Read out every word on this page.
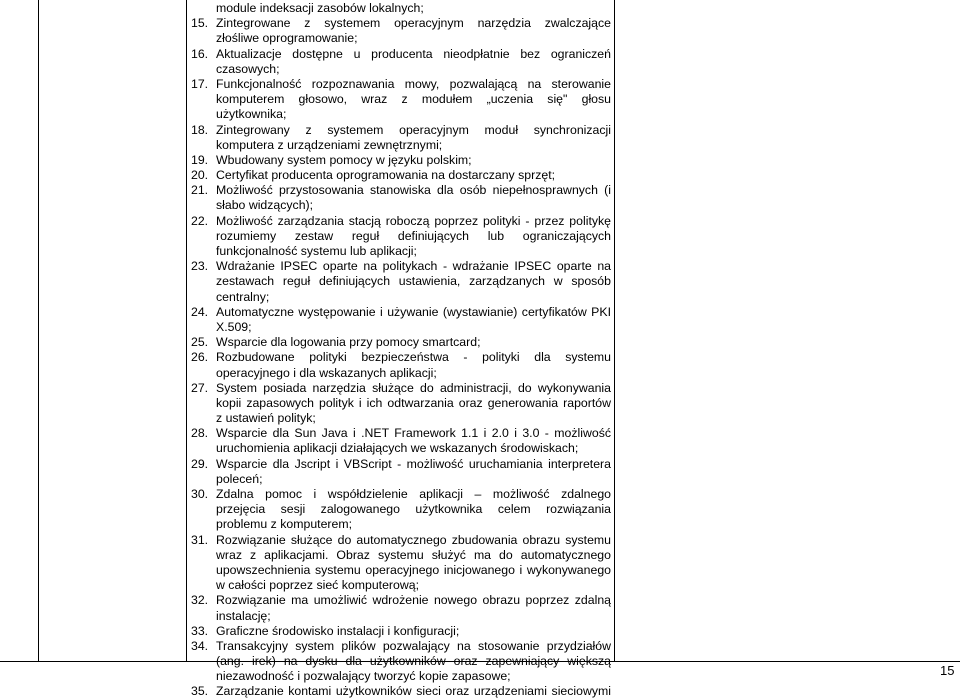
module indeksacji zasobów lokalnych;
15. Zintegrowane z systemem operacyjnym narzędzia zwalczające
złośliwe oprogramowanie;
16. Aktualizacje dostępne u producenta nieodpłatnie bez ograniczeń
czasowych;
17. Funkcjonalność rozpoznawania mowy, pozwalającą na sterowanie
komputerem głosowo, wraz z modułem „uczenia się" głosu
użytkownika;
18. Zintegrowany z systemem operacyjnym moduł synchronizacji
komputera z urządzeniami zewnętrznymi;
19. Wbudowany system pomocy w języku polskim;
20. Certyfikat producenta oprogramowania na dostarczany sprzęt;
21. Możliwość przystosowania stanowiska dla osób niepełnosprawnych (i
słabo widzących);
22. Możliwość zarządzania stacją roboczą poprzez polityki - przez politykę
rozumiemy zestaw reguł definiujących lub ograniczających
funkcjonalność systemu lub aplikacji;
23. Wdrażanie IPSEC oparte na politykach - wdrażanie IPSEC oparte na
zestawach reguł definiujących ustawienia, zarządzanych w sposób
centralny;
24. Automatyczne występowanie i używanie (wystawianie) certyfikatów PKI
X.509;
25. Wsparcie dla logowania przy pomocy smartcard;
26. Rozbudowane polityki bezpieczeństwa - polityki dla systemu
operacyjnego i dla wskazanych aplikacji;
27. System posiada narzędzia służące do administracji, do wykonywania
kopii zapasowych polityk i ich odtwarzania oraz generowania raportów
z ustawień polityk;
28. Wsparcie dla Sun Java i .NET Framework 1.1 i 2.0 i 3.0 - możliwość
uruchomienia aplikacji działających we wskazanych środowiskach;
29. Wsparcie dla Jscript i VBScript - możliwość uruchamiania interpretera
poleceń;
30. Zdalna pomoc i współdzielenie aplikacji – możliwość zdalnego
przejęcia sesji zalogowanego użytkownika celem rozwiązania
problemu z komputerem;
31. Rozwiązanie służące do automatycznego zbudowania obrazu systemu
wraz z aplikacjami. Obraz systemu służyć ma do automatycznego
upowszechnienia systemu operacyjnego inicjowanego i wykonywanego
w całości poprzez sieć komputerową;
32. Rozwiązanie ma umożliwić wdrożenie nowego obrazu poprzez zdalną
instalację;
33. Graficzne środowisko instalacji i konfiguracji;
34. Transakcyjny system plików pozwalający na stosowanie przydziałów
(ang. irek) na dysku dla użytkowników oraz zapewniający większą
niezawodność i pozwalający tworzyć kopie zapasowe;
35. Zarządzanie kontami użytkowników sieci oraz urządzeniami sieciowymi
15
